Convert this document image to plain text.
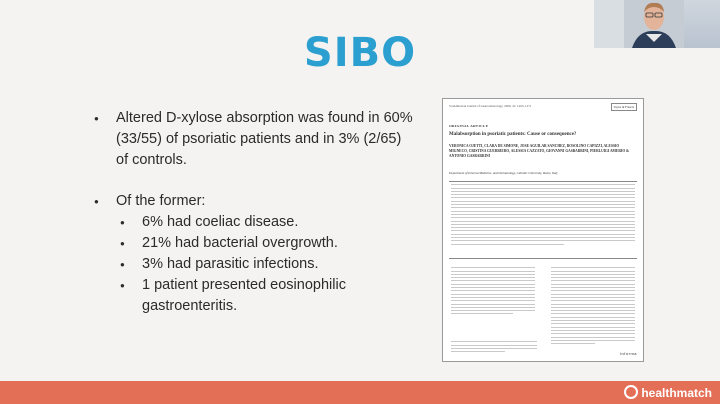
SIBO
● Altered D-xylose absorption was found in 60% (33/55) of psoriatic patients and in 3% (2/65) of controls.
● Of the former:
● 6% had coeliac disease.
● 21% had bacterial overgrowth.
● 3% had parasitic infections.
● 1 patient presented eosinophilic gastroenteritis.
Scandinavian Journal of Gastroenterology, 2006; 41: 1265–1271	Taylor & Francis
ORIGINAL ARTICLE
Malabsorption in psoriatic patients: Cause or consequence?
VERONICA OJETTI, CLARA DE SIMONE, JOSE AGUILAR SANCHEZ, ROSOLINO CAPIZZI, ALESSIO MIGNECO, CRISTINA GUERRIERO, ALESSIA CAZZATO, GIOVANNI GASBARRINI, PIERLUIGI AMERIO & ANTONIO GASBARRINI
Department of Internal Medicine, and Dermatology, Catholic University, Rome, Italy
Informa
healthmatch
